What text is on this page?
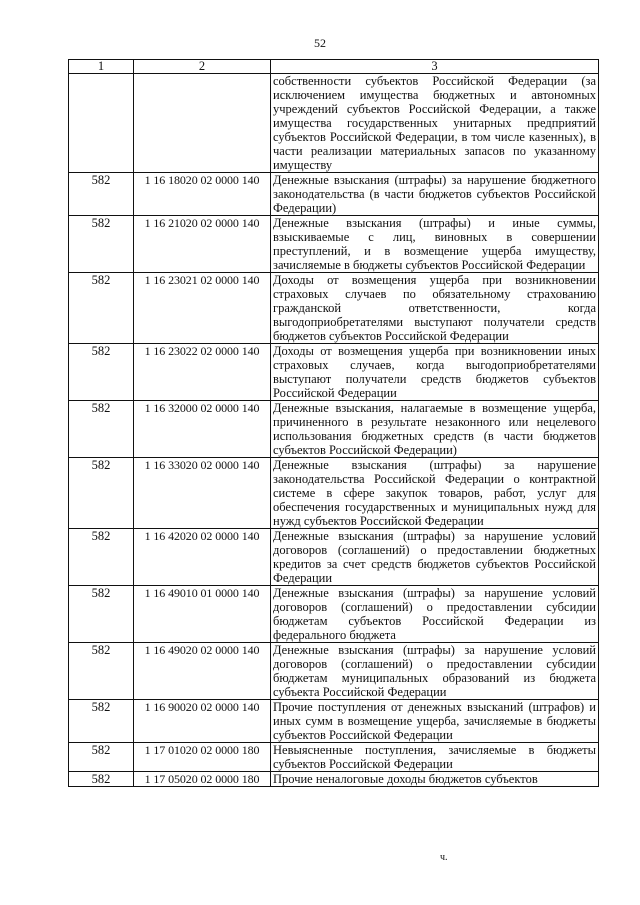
52
1	2	3
		собственности субъектов Российской Федерации (за исключением имущества бюджетных и автономных учреждений субъектов Российской Федерации, а также имущества государственных унитарных предприятий субъектов Российской Федерации, в том числе казенных), в части реализации материальных запасов по указанному имуществу
582	1 16 18020 02 0000 140	Денежные взыскания (штрафы) за нарушение бюджетного законодательства (в части бюджетов субъектов Российской Федерации)
582	1 16 21020 02 0000 140	Денежные взыскания (штрафы) и иные суммы, взыскиваемые с лиц, виновных в совершении преступлений, и в возмещение ущерба имуществу, зачисляемые в бюджеты субъектов Российской Федерации
582	1 16 23021 02 0000 140	Доходы от возмещения ущерба при возникновении страховых случаев по обязательному страхованию гражданской ответственности, когда выгодоприобретателями выступают получатели средств бюджетов субъектов Российской Федерации
582	1 16 23022 02 0000 140	Доходы от возмещения ущерба при возникновении иных страховых случаев, когда выгодоприобретателями выступают получатели средств бюджетов субъектов Российской Федерации
582	1 16 32000 02 0000 140	Денежные взыскания, налагаемые в возмещение ущерба, причиненного в результате незаконного или нецелевого использования бюджетных средств (в части бюджетов субъектов Российской Федерации)
582	1 16 33020 02 0000 140	Денежные взыскания (штрафы) за нарушение законодательства Российской Федерации о контрактной системе в сфере закупок товаров, работ, услуг для обеспечения государственных и муниципальных нужд для нужд субъектов Российской Федерации
582	1 16 42020 02 0000 140	Денежные взыскания (штрафы) за нарушение условий договоров (соглашений) о предоставлении бюджетных кредитов за счет средств бюджетов субъектов Российской Федерации
582	1 16 49010 01 0000 140	Денежные взыскания (штрафы) за нарушение условий договоров (соглашений) о предоставлении субсидии бюджетам субъектов Российской Федерации из федерального бюджета
582	1 16 49020 02 0000 140	Денежные взыскания (штрафы) за нарушение условий договоров (соглашений) о предоставлении субсидии бюджетам муниципальных образований из бюджета субъекта Российской Федерации
582	1 16 90020 02 0000 140	Прочие поступления от денежных взысканий (штрафов) и иных сумм в возмещение ущерба, зачисляемые в бюджеты субъектов Российской Федерации
582	1 17 01020 02 0000 180	Невыясненные поступления, зачисляемые в бюджеты субъектов Российской Федерации
582	1 17 05020 02 0000 180	Прочие неналоговые доходы бюджетов субъектов
ч.
